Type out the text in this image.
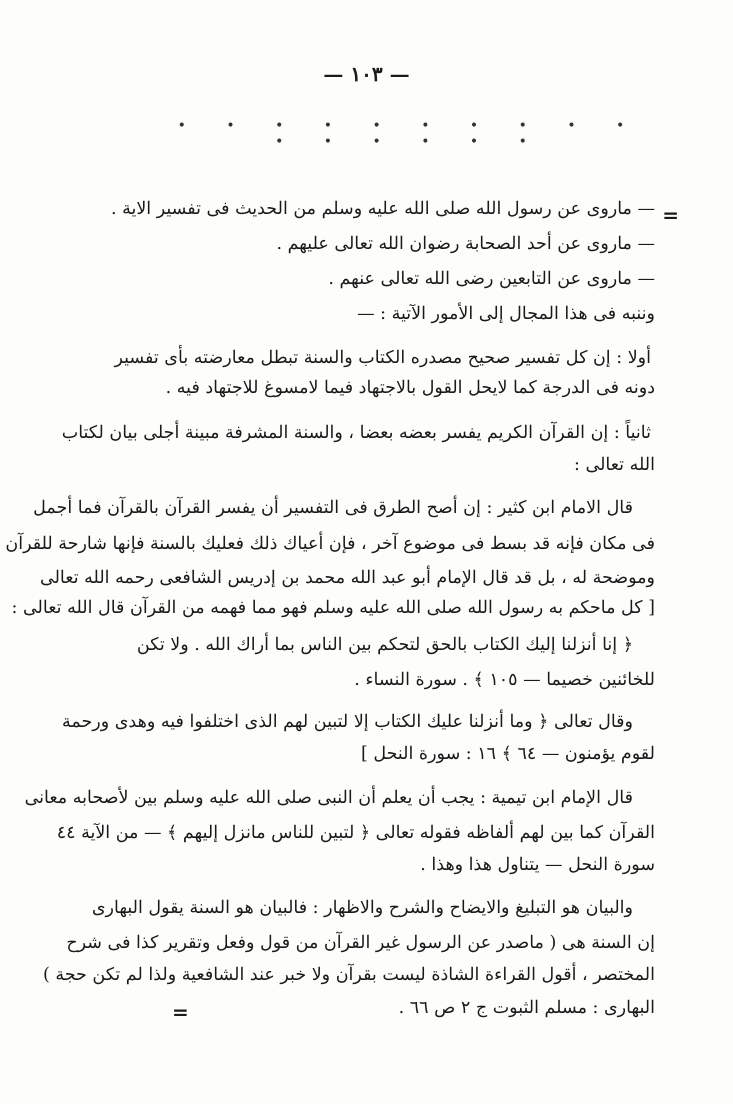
— ١٠٣ —
• • • • • • • • • • • • • • • •
=
— ماروى عن رسول الله صلى الله عليه وسلم من الحديث فى تفسير الاية .
— ماروى عن أحد الصحابة رضوان الله تعالى عليهم .
— ماروى عن التابعين رضى الله تعالى عنهم .
وننبه فى هذا المجال إلى الأمور الآتية : —
أولا : إن كل تفسير صحيح مصدره الكتاب والسنة تبطل معارضته بأى تفسير
دونه فى الدرجة كما لايحل القول بالاجتهاد فيما لامسوغ للاجتهاد فيه .
ثانياً : إن القرآن الكريم يفسر بعضه بعضا ، والسنة المشرفة مبينة أجلى بيان لكتاب
الله تعالى :
قال الامام ابن كثير : إن أصح الطرق فى التفسير أن يفسر القرآن بالقرآن فما أجمل
فى مكان فإنه قد بسط فى موضوع آخر ، فإن أعياك ذلك فعليك بالسنة فإنها شارحة للقرآن
وموضحة له ، بل قد قال الإمام أبو عبد الله محمد بن إدريس الشافعى رحمه الله تعالى
[ كل ماحكم به رسول الله صلى الله عليه وسلم فهو مما فهمه من القرآن قال الله تعالى :
﴿ إنا أنزلنا إليك الكتاب بالحق لتحكم بين الناس بما أراك الله . ولا تكن
للخائنين خصيما — ١٠٥ ﴾ . سورة النساء .
وقال تعالى ﴿ وما أنزلنا عليك الكتاب إلا لتبين لهم الذى اختلفوا فيه وهدى ورحمة
لقوم يؤمنون — ٦٤ ﴾ ١٦ : سورة النحل ]
قال الإمام ابن تيمية : يجب أن يعلم أن النبى صلى الله عليه وسلم بين لأصحابه معانى
القرآن كما بين لهم ألفاظه فقوله تعالى ﴿ لتبين للناس مانزل إليهم ﴾ — من الآية ٤٤
سورة النحل — يتناول هذا وهذا .
والبيان هو التبليغ والايضاح والشرح والاظهار : فالبيان هو السنة يقول البهارى
إن السنة هى ( ماصدر عن الرسول غير القرآن من قول وفعل وتقرير كذا فى شرح
المختصر ، أقول القراءة الشاذة ليست بقرآن ولا خبر عند الشافعية ولذا لم تكن حجة )
البهارى : مسلم الثبوت ج ٢ ص ٦٦ .
=
